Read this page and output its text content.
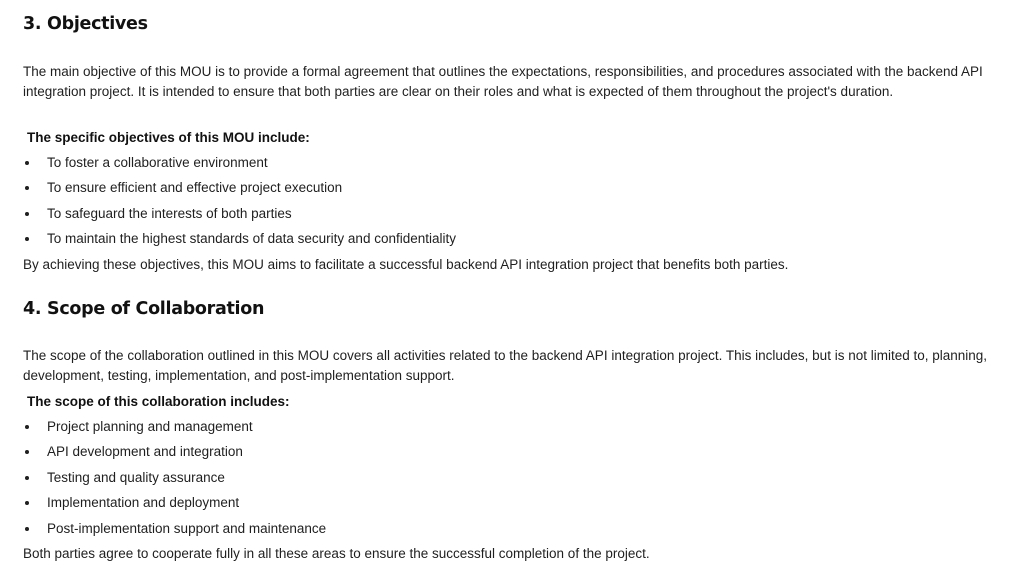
3. Objectives

The main objective of this MOU is to provide a formal agreement that outlines the expectations, responsibilities, and procedures associated with the backend API integration project. It is intended to ensure that both parties are clear on their roles and what is expected of them throughout the project's duration.

The specific objectives of this MOU include:

To foster a collaborative environment
To ensure efficient and effective project execution
To safeguard the interests of both parties
To maintain the highest standards of data security and confidentiality

By achieving these objectives, this MOU aims to facilitate a successful backend API integration project that benefits both parties.

4. Scope of Collaboration

The scope of the collaboration outlined in this MOU covers all activities related to the backend API integration project. This includes, but is not limited to, planning, development, testing, implementation, and post-implementation support.

The scope of this collaboration includes:

Project planning and management
API development and integration
Testing and quality assurance
Implementation and deployment
Post-implementation support and maintenance

Both parties agree to cooperate fully in all these areas to ensure the successful completion of the project.
